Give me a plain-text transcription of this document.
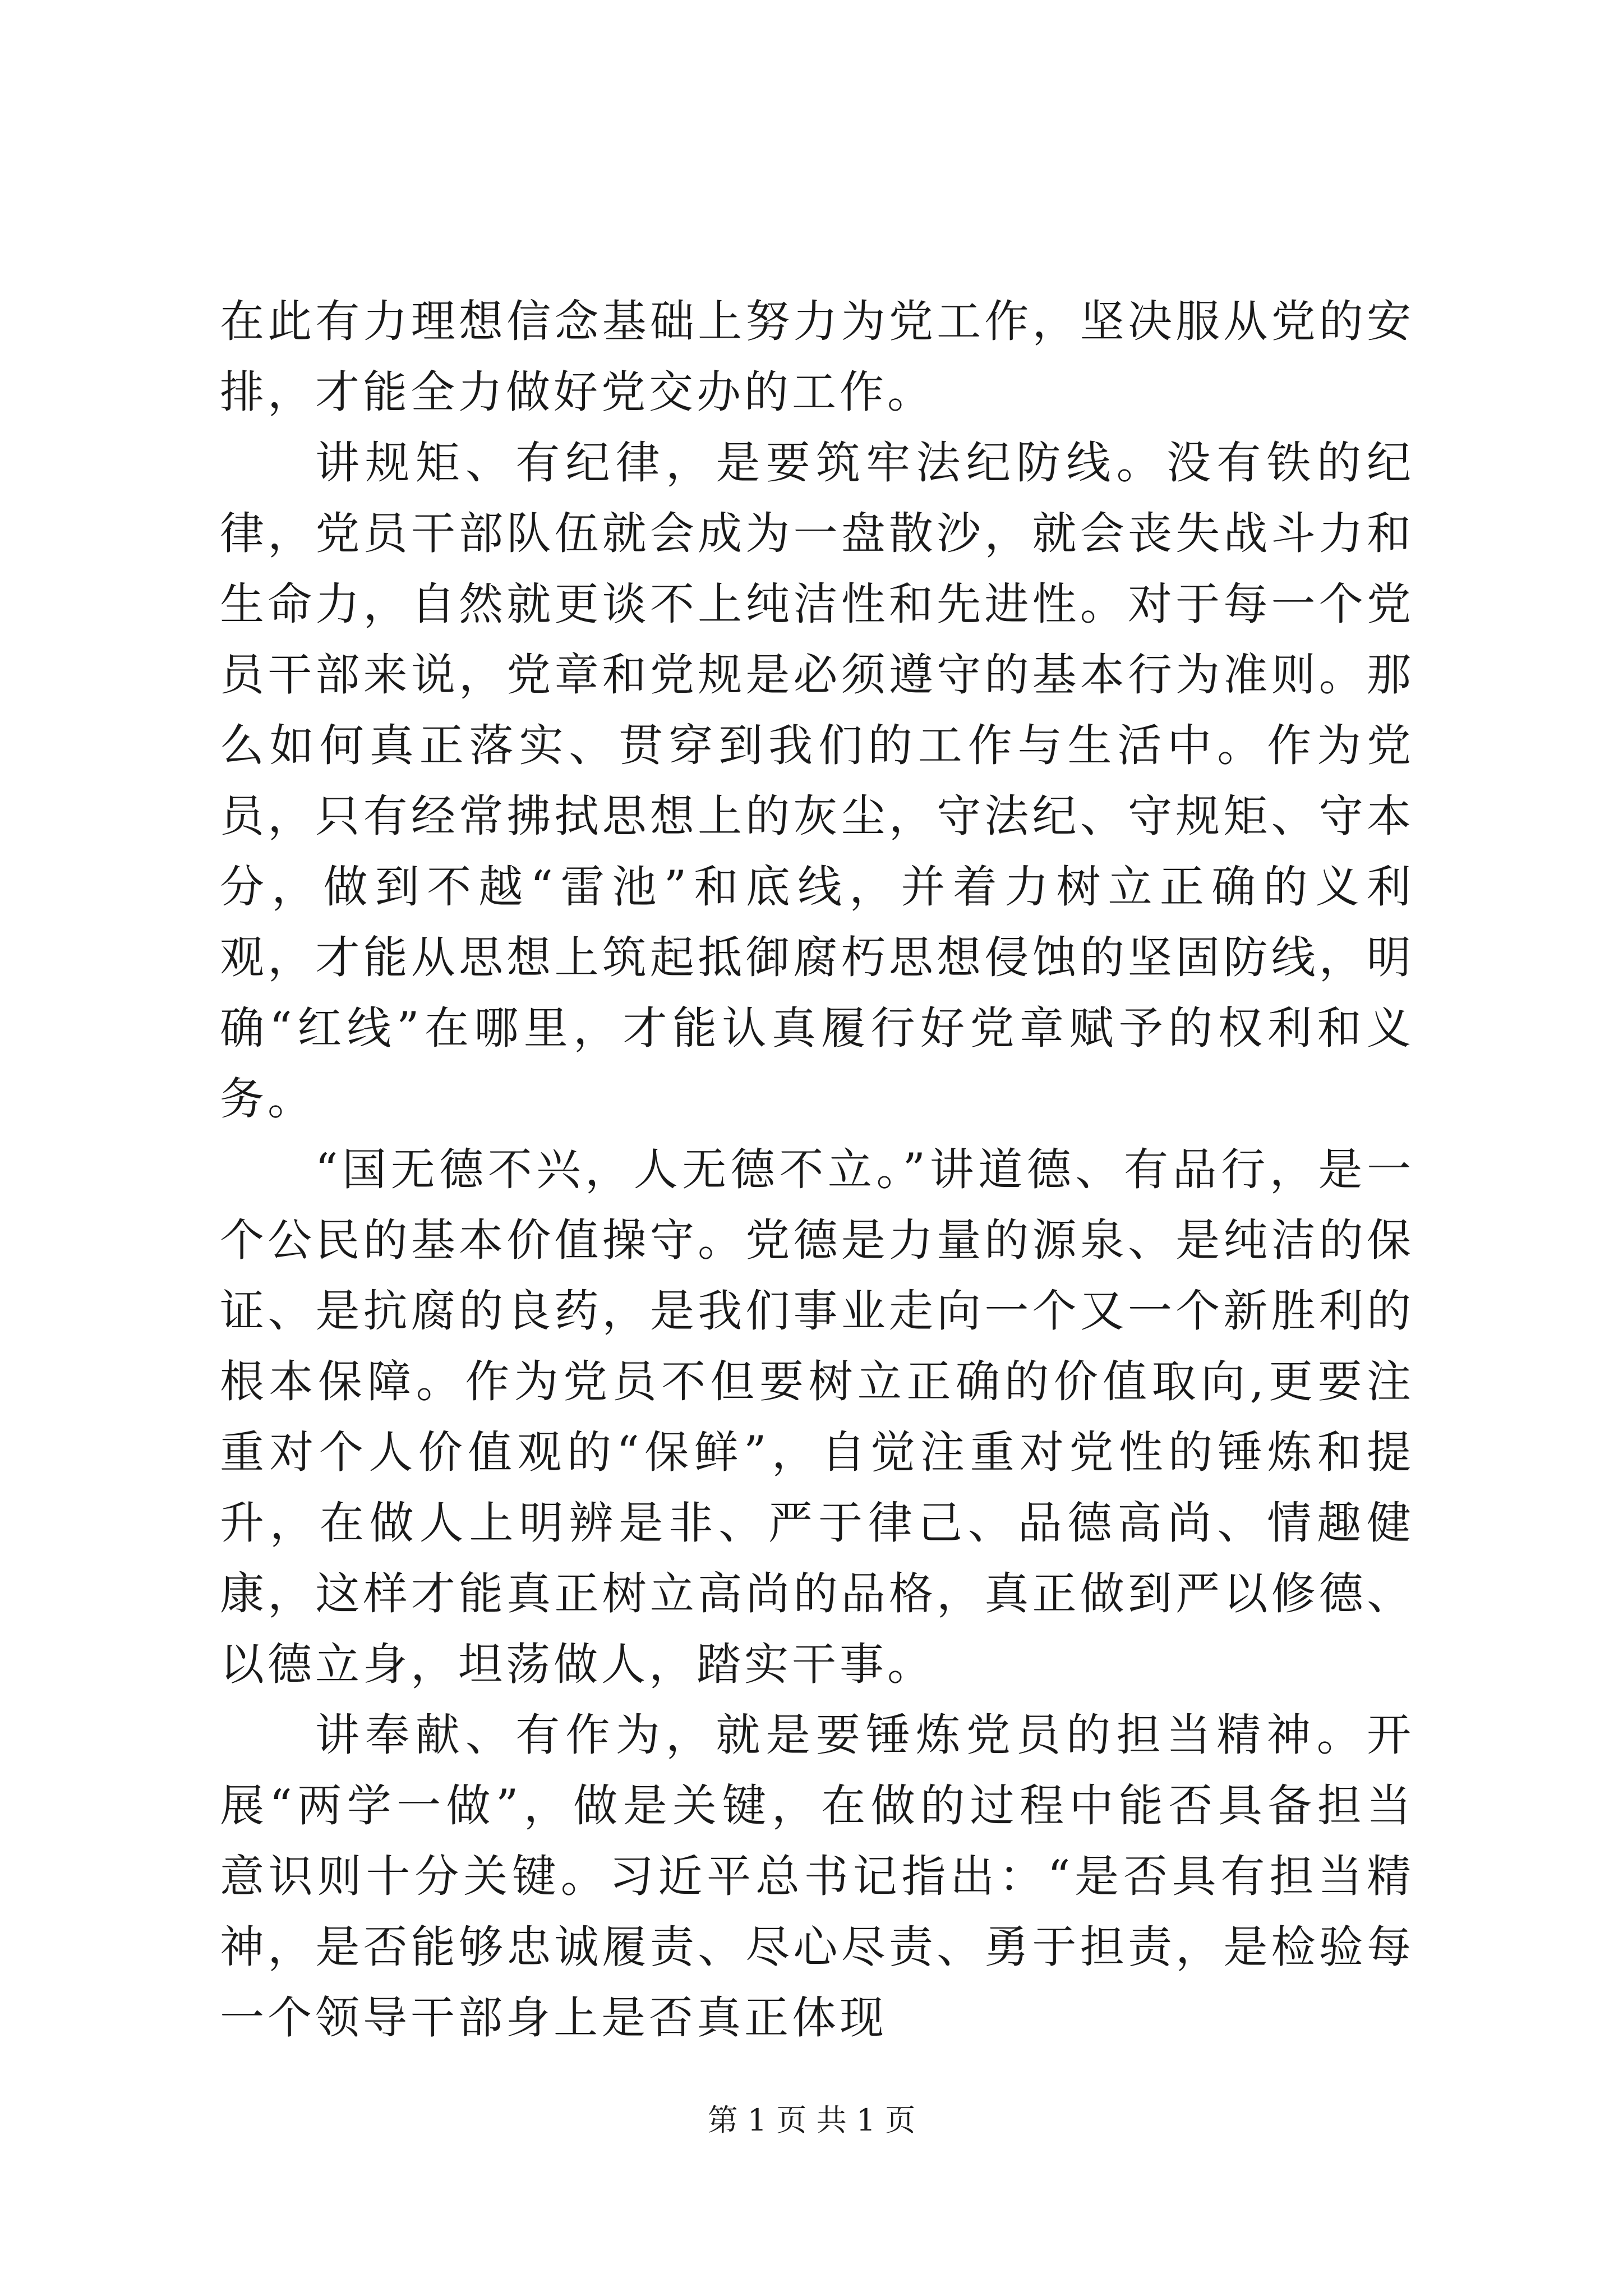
在此有力理想信念基础上努力为党工作，坚决服从党的安排，才能全力做好党交办的工作。

讲规矩、有纪律，是要筑牢法纪防线。没有铁的纪律，党员干部队伍就会成为一盘散沙，就会丧失战斗力和生命力，自然就更谈不上纯洁性和先进性。对于每一个党员干部来说，党章和党规是必须遵守的基本行为准则。那么如何真正落实、贯穿到我们的工作与生活中。作为党员，只有经常拂拭思想上的灰尘，守法纪、守规矩、守本分，做到不越“雷池”和底线，并着力树立正确的义利观，才能从思想上筑起抵御腐朽思想侵蚀的坚固防线，明确“红线”在哪里，才能认真履行好党章赋予的权利和义务。

“国无德不兴，人无德不立。”讲道德、有品行，是一个公民的基本价值操守。党德是力量的源泉、是纯洁的保证、是抗腐的良药，是我们事业走向一个又一个新胜利的根本保障。作为党员不但要树立正确的价值取向,更要注重对个人价值观的“保鲜”，自觉注重对党性的锤炼和提升，在做人上明辨是非、严于律己、品德高尚、情趣健康，这样才能真正树立高尚的品格，真正做到严以修德、以德立身，坦荡做人，踏实干事。

讲奉献、有作为，就是要锤炼党员的担当精神。开展“两学一做”，做是关键，在做的过程中能否具备担当意识则十分关键。习近平总书记指出：“是否具有担当精神，是否能够忠诚履责、尽心尽责、勇于担责，是检验每一个领导干部身上是否真正体现

第 1 页 共 1 页
